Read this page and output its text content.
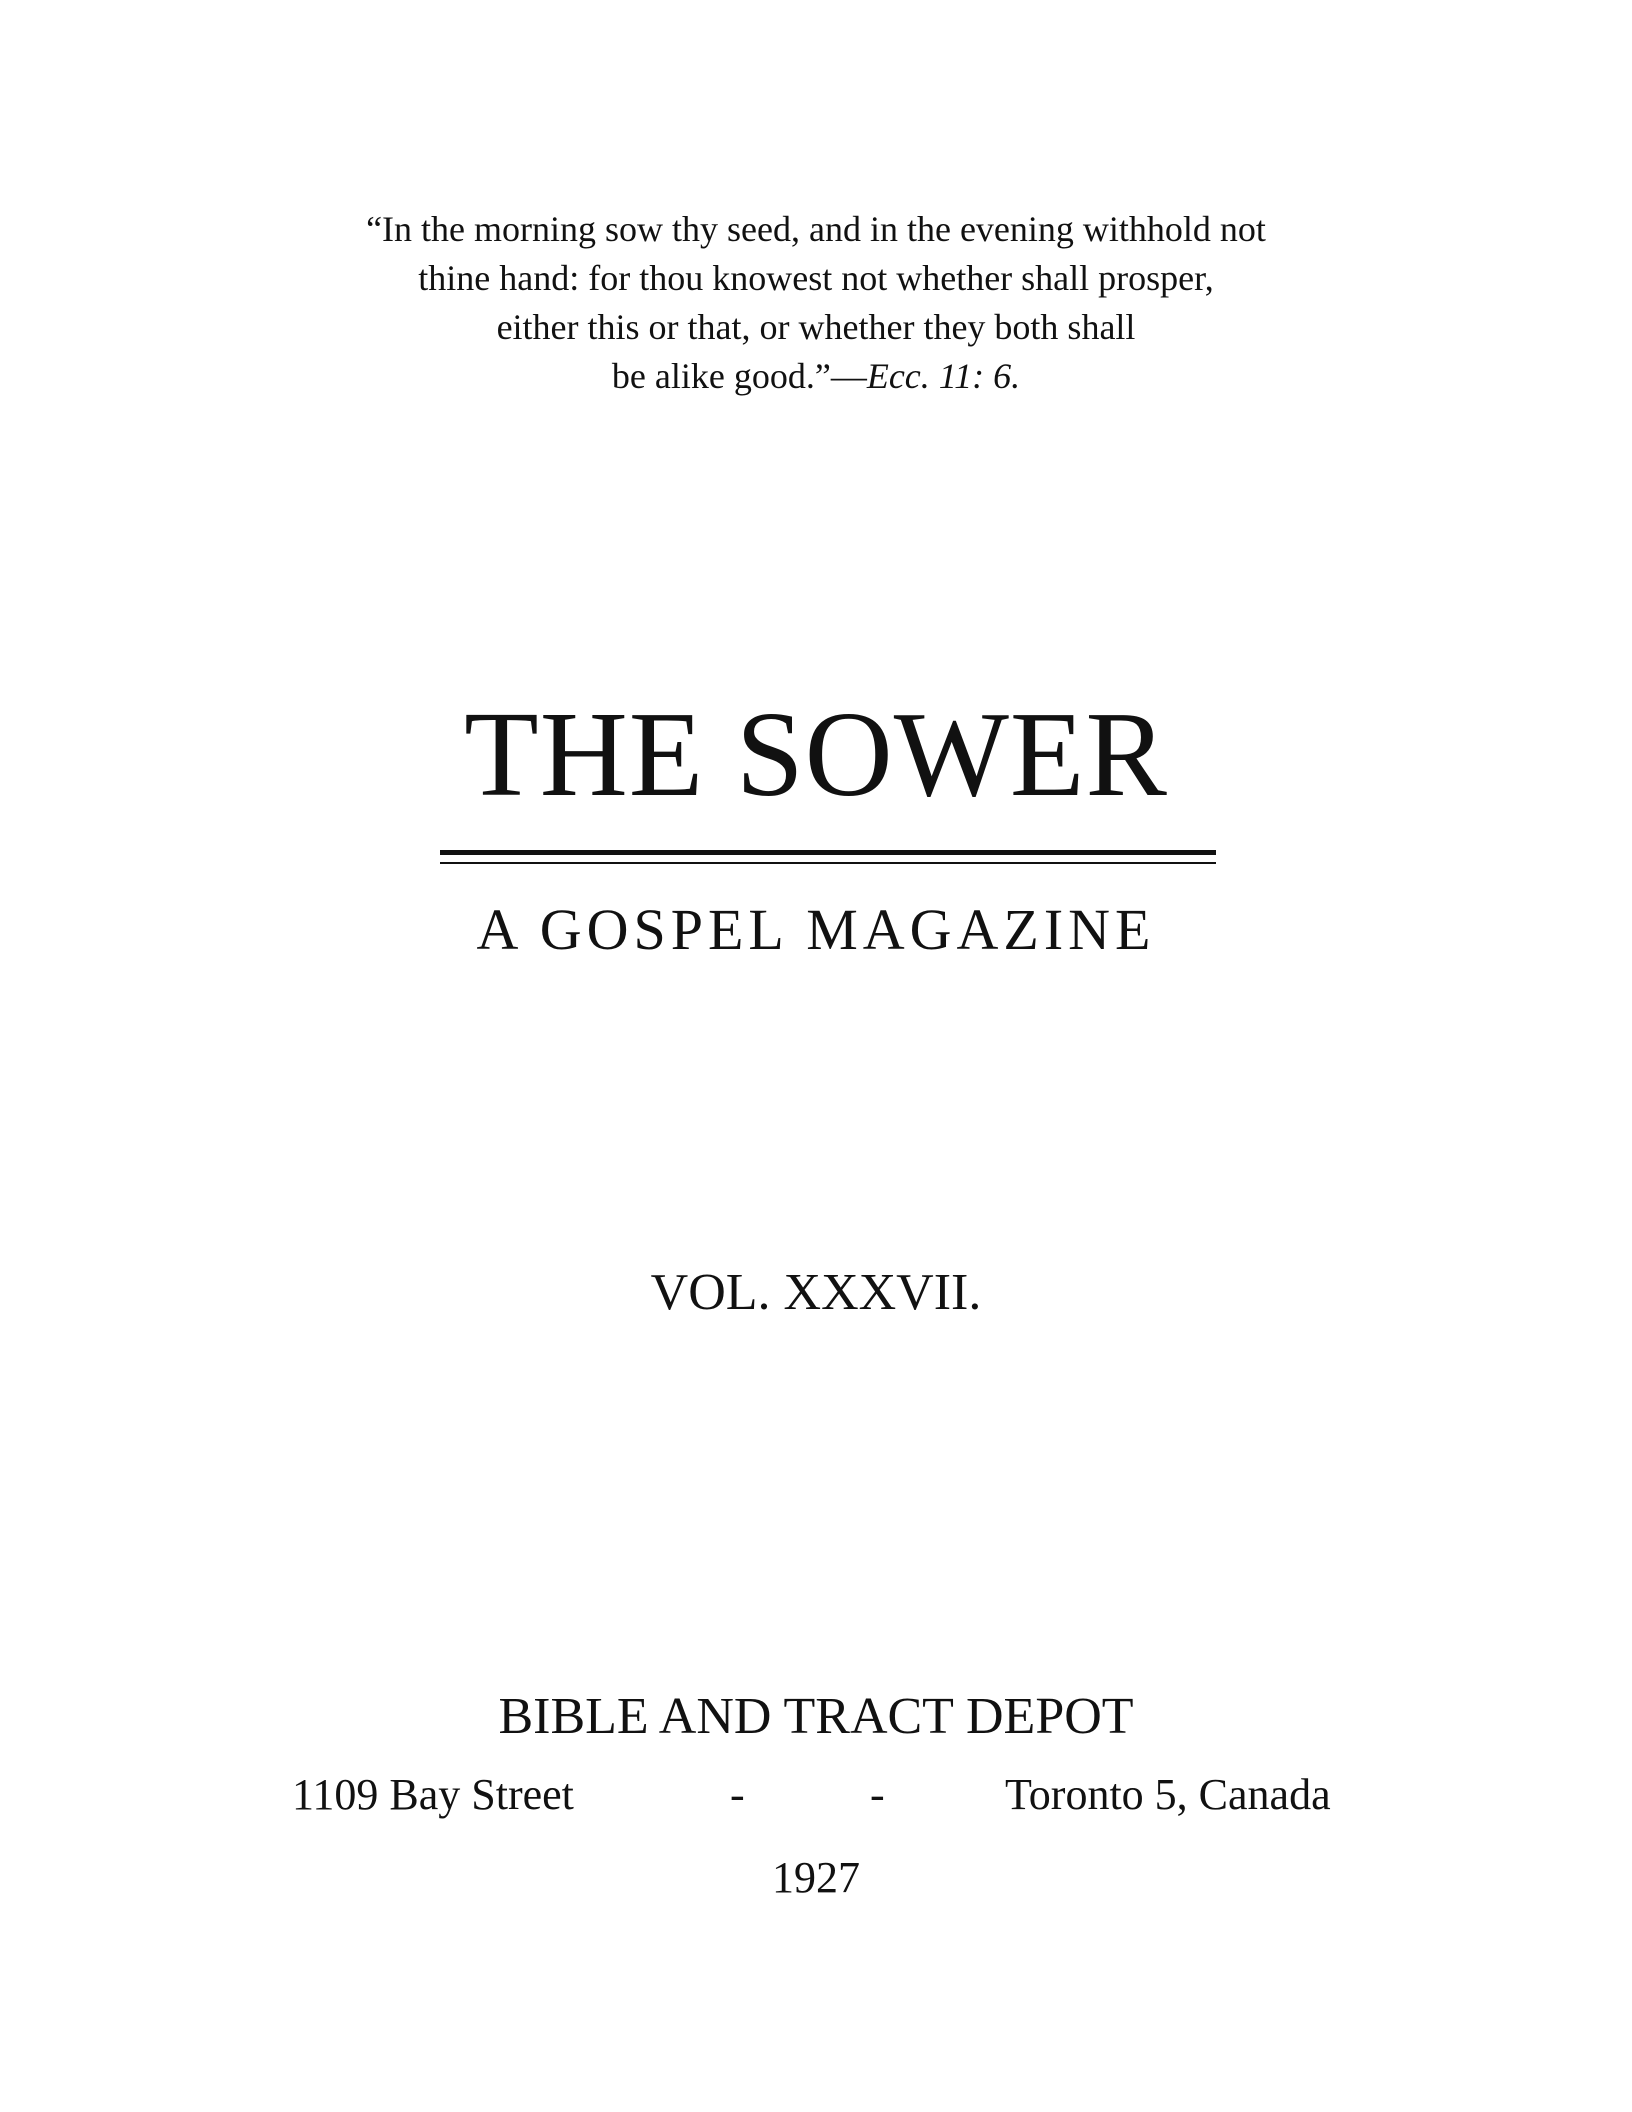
“In the morning sow thy seed, and in the evening withhold not
thine hand: for thou knowest not whether shall prosper,
either this or that, or whether they both shall
be alike good.”—Ecc. 11: 6.
THE SOWER
A GOSPEL MAGAZINE
VOL. XXXVII.
BIBLE AND TRACT DEPOT
1109 Bay Street	-	-	Toronto 5, Canada
1927
